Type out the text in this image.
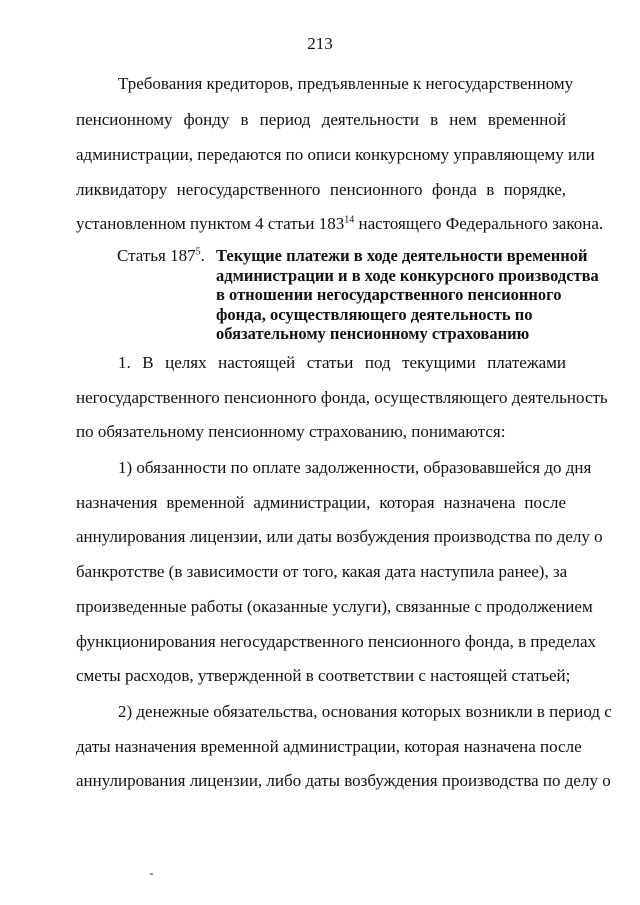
213
Требования кредиторов, предъявленные к негосударственному
пенсионному фонду в период деятельности в нем временной
администрации, передаются по описи конкурсному управляющему или
ликвидатору негосударственного пенсионного фонда в порядке,
установленном пунктом 4 статьи 183$^{14}$ настоящего Федерального закона.
Статья $187^5$. Текущие платежи в ходе деятельности временной
администрации и в ходе конкурсного производства
в отношении негосударственного пенсионного
фонда, осуществляющего деятельность по
обязательному пенсионному страхованию
1. В целях настоящей статьи под текущими платежами
негосударственного пенсионного фонда, осуществляющего деятельность
по обязательному пенсионному страхованию, понимаются:
1) обязанности по оплате задолженности, образовавшейся до дня
назначения временной администрации, которая назначена после
аннулирования лицензии, или даты возбуждения производства по делу о
банкротстве (в зависимости от того, какая дата наступила ранее), за
произведенные работы (оказанные услуги), связанные с продолжением
функционирования негосударственного пенсионного фонда, в пределах
сметы расходов, утвержденной в соответствии с настоящей статьей;
2) денежные обязательства, основания которых возникли в период с
даты назначения временной администрации, которая назначена после
аннулирования лицензии, либо даты возбуждения производства по делу о
